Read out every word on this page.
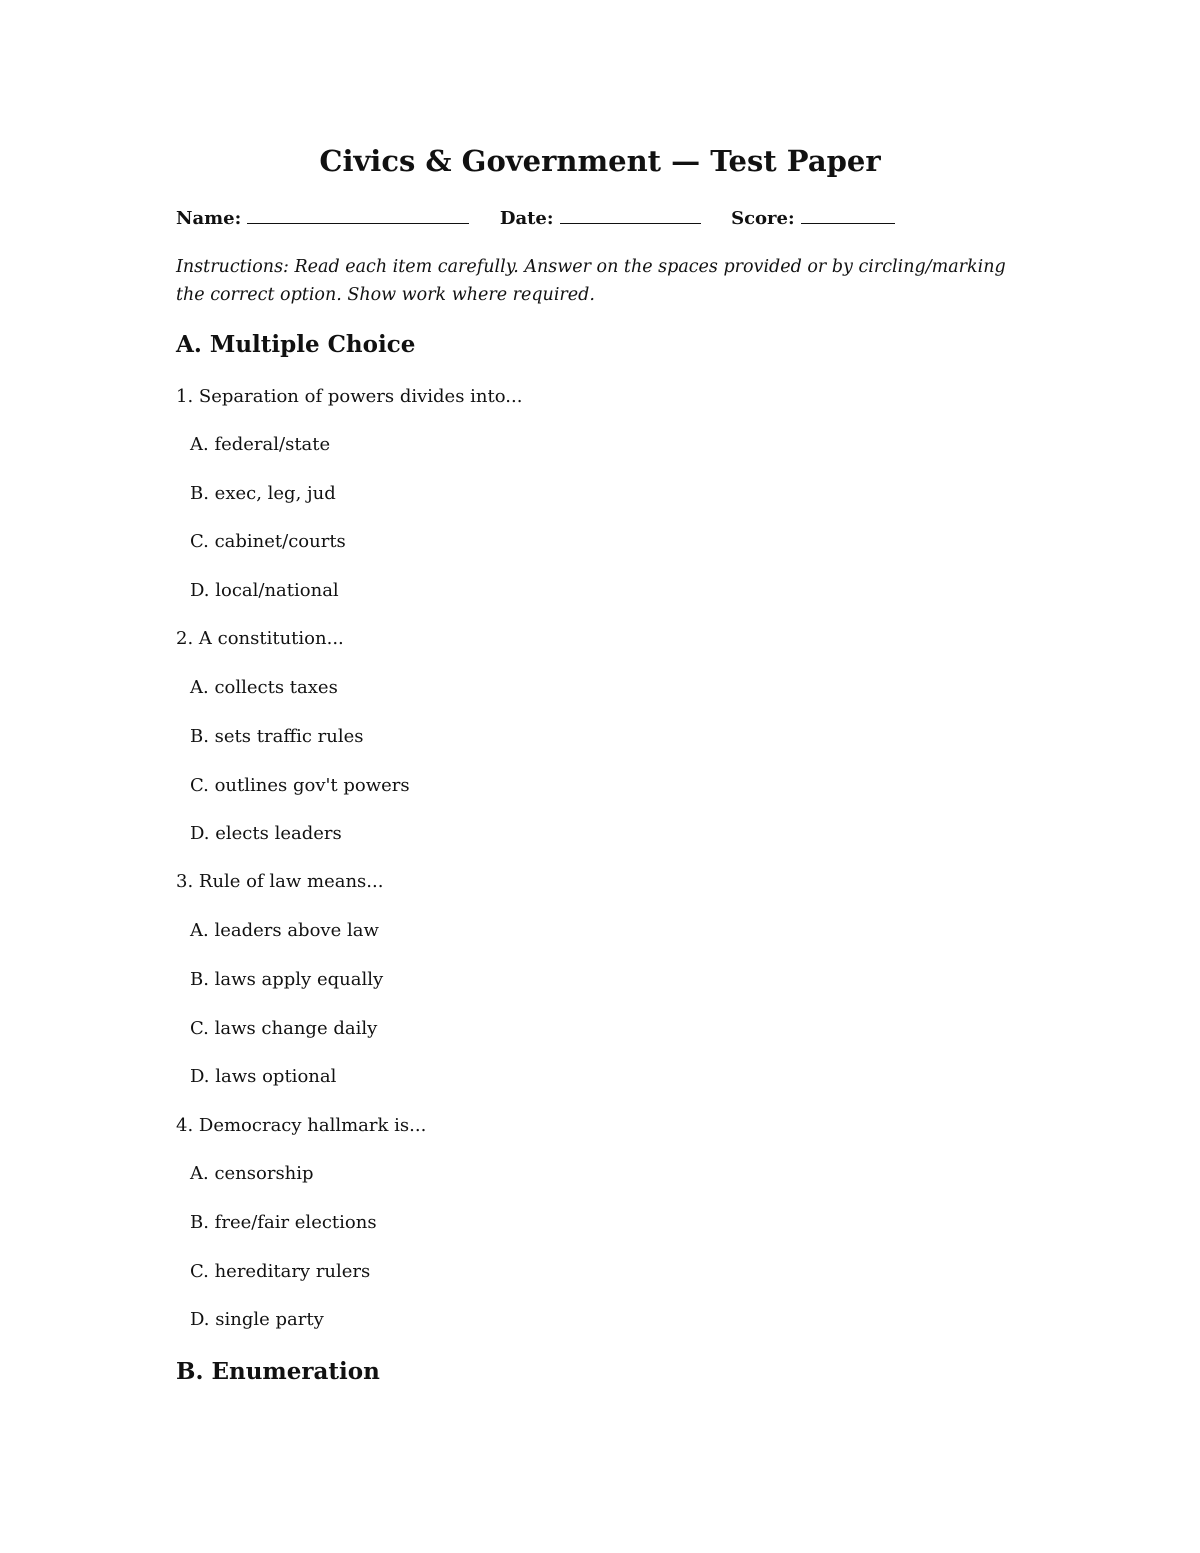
Civics & Government — Test Paper
Name:	Date:	Score:

Instructions: Read each item carefully. Answer on the spaces provided or by circling/marking the correct option. Show work where required.

A. Multiple Choice
1. Separation of powers divides into...
A. federal/state
B. exec, leg, jud
C. cabinet/courts
D. local/national
2. A constitution...
A. collects taxes
B. sets traffic rules
C. outlines gov't powers
D. elects leaders
3. Rule of law means...
A. leaders above law
B. laws apply equally
C. laws change daily
D. laws optional
4. Democracy hallmark is...
A. censorship
B. free/fair elections
C. hereditary rulers
D. single party
B. Enumeration
